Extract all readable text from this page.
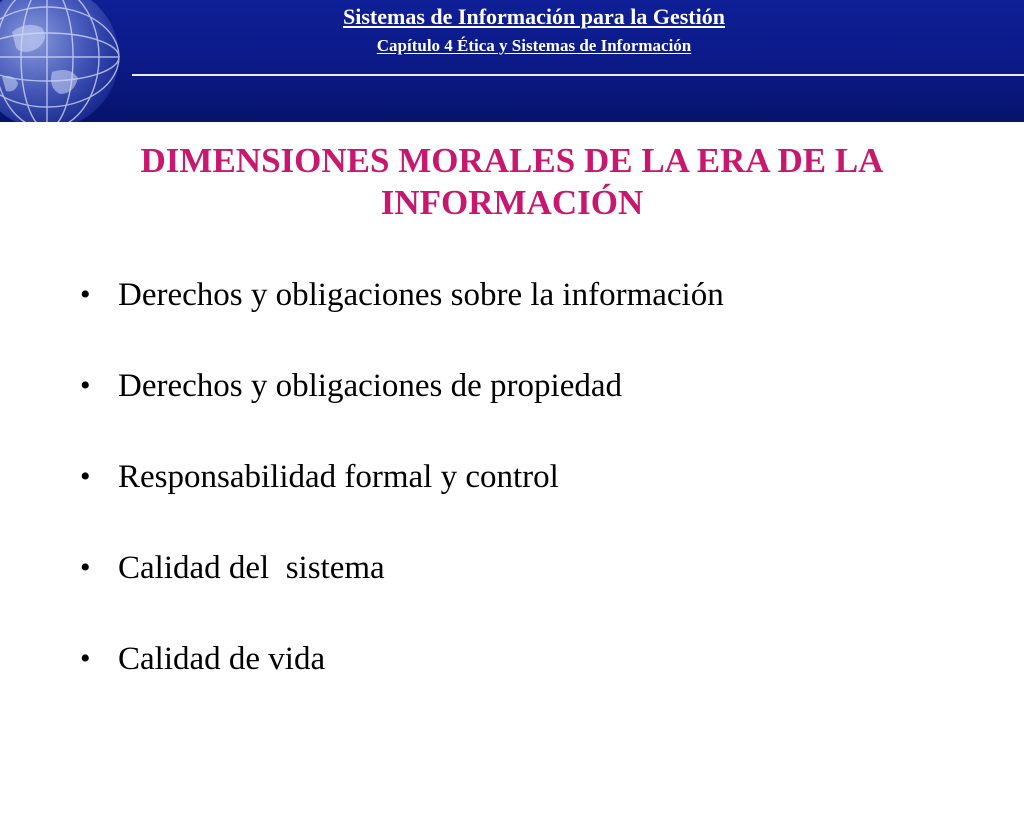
Sistemas de Información para la Gestión
Capítulo 4 Ética y Sistemas de Información
DIMENSIONES MORALES DE LA ERA DE LA INFORMACIÓN

•

Derechos y obligaciones sobre la información

•

Derechos y obligaciones de propiedad

•

Responsabilidad formal y control

•

Calidad del  sistema

•

Calidad de vida
